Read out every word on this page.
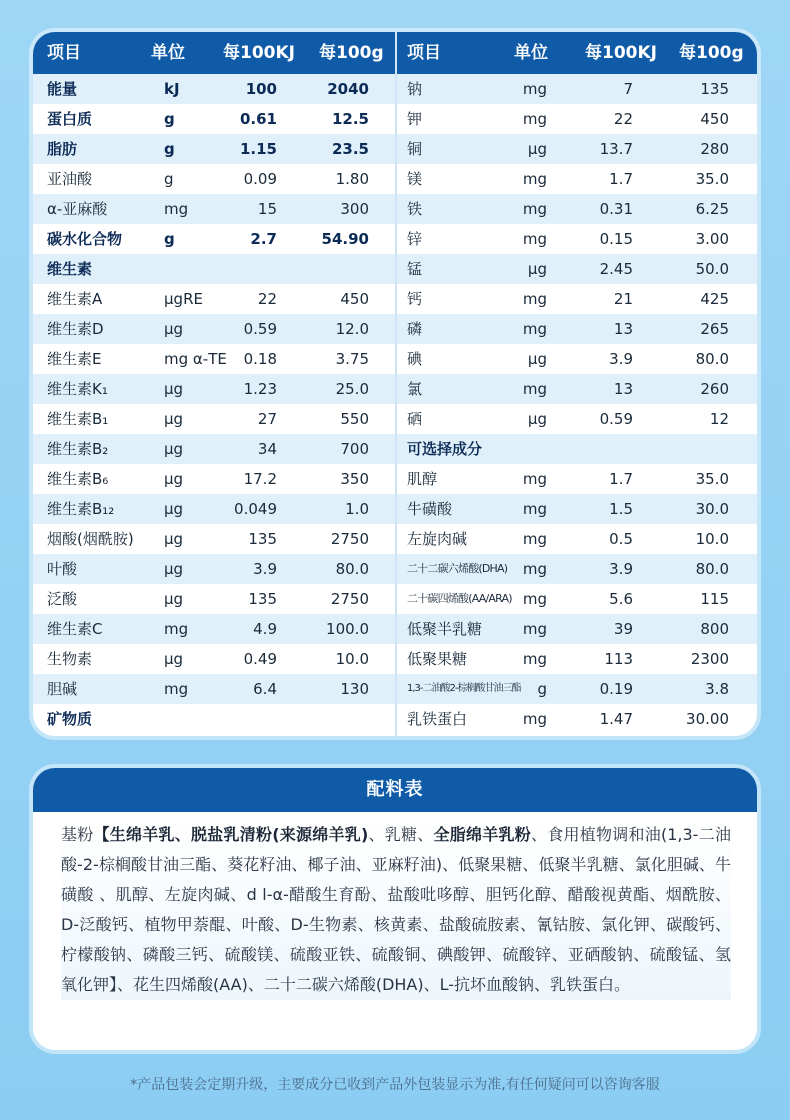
项目	单位 每100KJ 每100g 项目	单位 每100KJ 每100g
能量	kJ	100	2040
蛋白质	g	0.61	12.5
脂肪	g	1.15	23.5
亚油酸	g	0.09	1.80
α-亚麻酸	mg	15	300
碳水化合物	g	2.7	54.90
维生素
维生素A	μgRE	22	450
维生素D	μg	0.59	12.0
维生素E	mg α-TE 0.18	3.75
维生素K₁	μg	1.23	25.0
维生素B₁	μg	27	550
维生素B₂	μg	34	700
维生素B₆	μg	17.2	350
维生素B₁₂	μg	0.049	1.0
烟酸(烟酰胺) μg	135	2750
叶酸	μg	3.9	80.0
泛酸	μg	135	2750
维生素C	mg	4.9	100.0
生物素	μg	0.49	10.0
胆碱	mg	6.4	130
矿物质
钠	mg	7	135
钾	mg	22	450
铜	μg	13.7	280
镁	mg	1.7	35.0
铁	mg	0.31	6.25
锌	mg	0.15	3.00
锰	μg	2.45	50.0
钙	mg	21	425
磷	mg	13	265
碘	μg	3.9	80.0
氯	mg	13	260
硒	μg	0.59	12
可选择成分
肌醇	mg	1.7	35.0
牛磺酸	mg	1.5	30.0
左旋肉碱	mg	0.5	10.0
二十二碳六烯酸(DHA) mg	3.9	80.0
二十碳四烯酸(AA/ARA) mg	5.6	115
低聚半乳糖	mg	39	800
低聚果糖	mg	113	2300
1,3-二油酸2-棕榈酸甘油三酯 g	0.19	3.8
乳铁蛋白	mg	1.47	30.00
配料表
基粉【生绵羊乳、脱盐乳清粉(来源绵羊乳)、乳糖、全脂绵羊乳粉、食用植物调和油(1,3-二油酸-2-棕榈酸甘油三酯、葵花籽油、椰子油、亚麻籽油)、低聚果糖、低聚半乳糖、氯化胆碱、牛磺酸 、肌醇、左旋肉碱、d l-α-醋酸生育酚、盐酸吡哆醇、胆钙化醇、醋酸视黄酯、烟酰胺、D-泛酸钙、植物甲萘醌、叶酸、D-生物素、核黄素、盐酸硫胺素、氰钴胺、氯化钾、碳酸钙、柠檬酸钠、磷酸三钙、硫酸镁、硫酸亚铁、硫酸铜、碘酸钾、硫酸锌、亚硒酸钠、硫酸锰、氢氧化钾】、花生四烯酸(AA)、二十二碳六烯酸(DHA)、L-抗坏血酸钠、乳铁蛋白。
*产品包装会定期升级，主要成分已收到产品外包装显示为准,有任何疑问可以咨询客服
